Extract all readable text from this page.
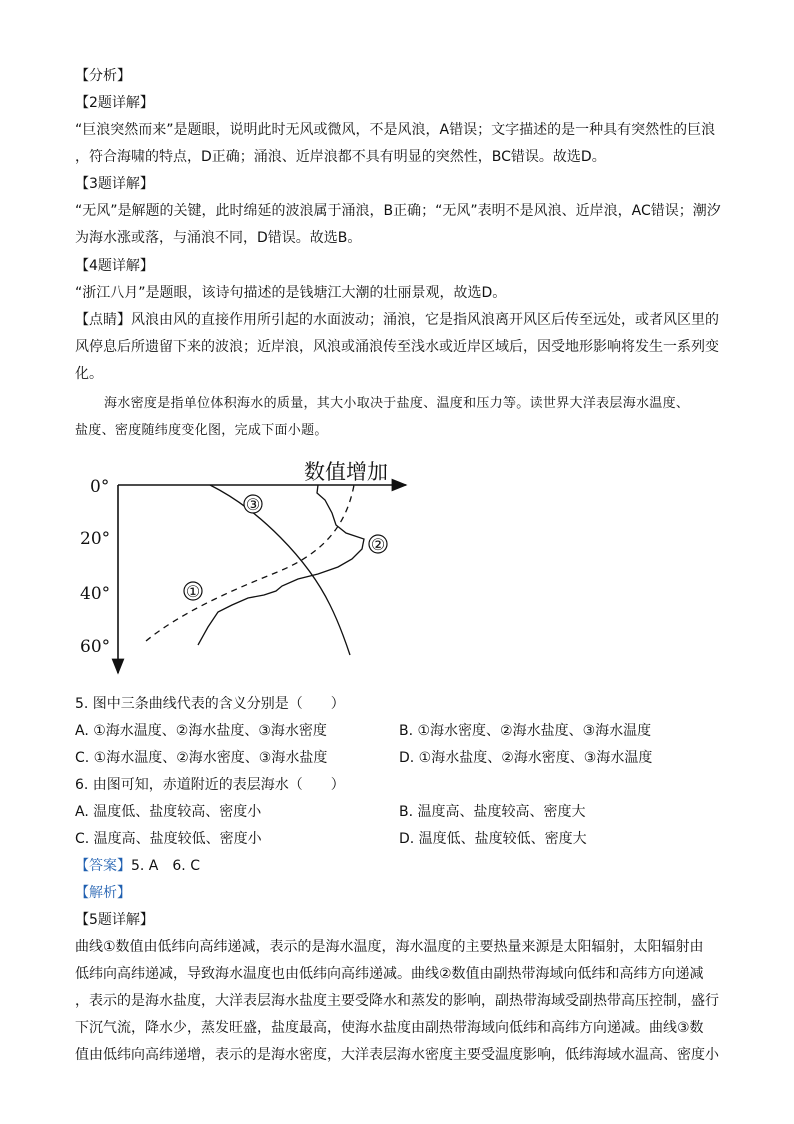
【分析】
【2题详解】
“巨浪突然而来”是题眼，说明此时无风或微风，不是风浪，A错误；文字描述的是一种具有突然性的巨浪
，符合海啸的特点，D正确；涌浪、近岸浪都不具有明显的突然性，BC错误。故选D。
【3题详解】
“无风”是解题的关键，此时绵延的波浪属于涌浪，B正确；“无风”表明不是风浪、近岸浪，AC错误；潮汐
为海水涨或落，与涌浪不同，D错误。故选B。
【4题详解】
“浙江八月”是题眼，该诗句描述的是钱塘江大潮的壮丽景观，故选D。
【点睛】风浪由风的直接作用所引起的水面波动；涌浪，它是指风浪离开风区后传至远处，或者风区里的
风停息后所遗留下来的波浪；近岸浪，风浪或涌浪传至浅水或近岸区域后，因受地形影响将发生一系列变
化。
海水密度是指单位体积海水的质量，其大小取决于盐度、温度和压力等。读世界大洋表层海水温度、
盐度、密度随纬度变化图，完成下面小题。
数值增加
0°
20°
40°
60°
①
②
③
5. 图中三条曲线代表的含义分别是（　　）
A. ①海水温度、②海水盐度、③海水密度	B. ①海水密度、②海水盐度、③海水温度
C. ①海水温度、②海水密度、③海水盐度	D. ①海水盐度、②海水密度、③海水温度
6. 由图可知，赤道附近的表层海水（　　）
A. 温度低、盐度较高、密度小	B. 温度高、盐度较高、密度大
C. 温度高、盐度较低、密度小	D. 温度低、盐度较低、密度大
【答案】5. A　6. C
【解析】
【5题详解】
曲线①数值由低纬向高纬递减，表示的是海水温度，海水温度的主要热量来源是太阳辐射，太阳辐射由
低纬向高纬递减，导致海水温度也由低纬向高纬递减。曲线②数值由副热带海域向低纬和高纬方向递减
，表示的是海水盐度，大洋表层海水盐度主要受降水和蒸发的影响，副热带海域受副热带高压控制，盛行
下沉气流，降水少，蒸发旺盛，盐度最高，使海水盐度由副热带海域向低纬和高纬方向递减。曲线③数
值由低纬向高纬递增，表示的是海水密度，大洋表层海水密度主要受温度影响，低纬海域水温高、密度小
